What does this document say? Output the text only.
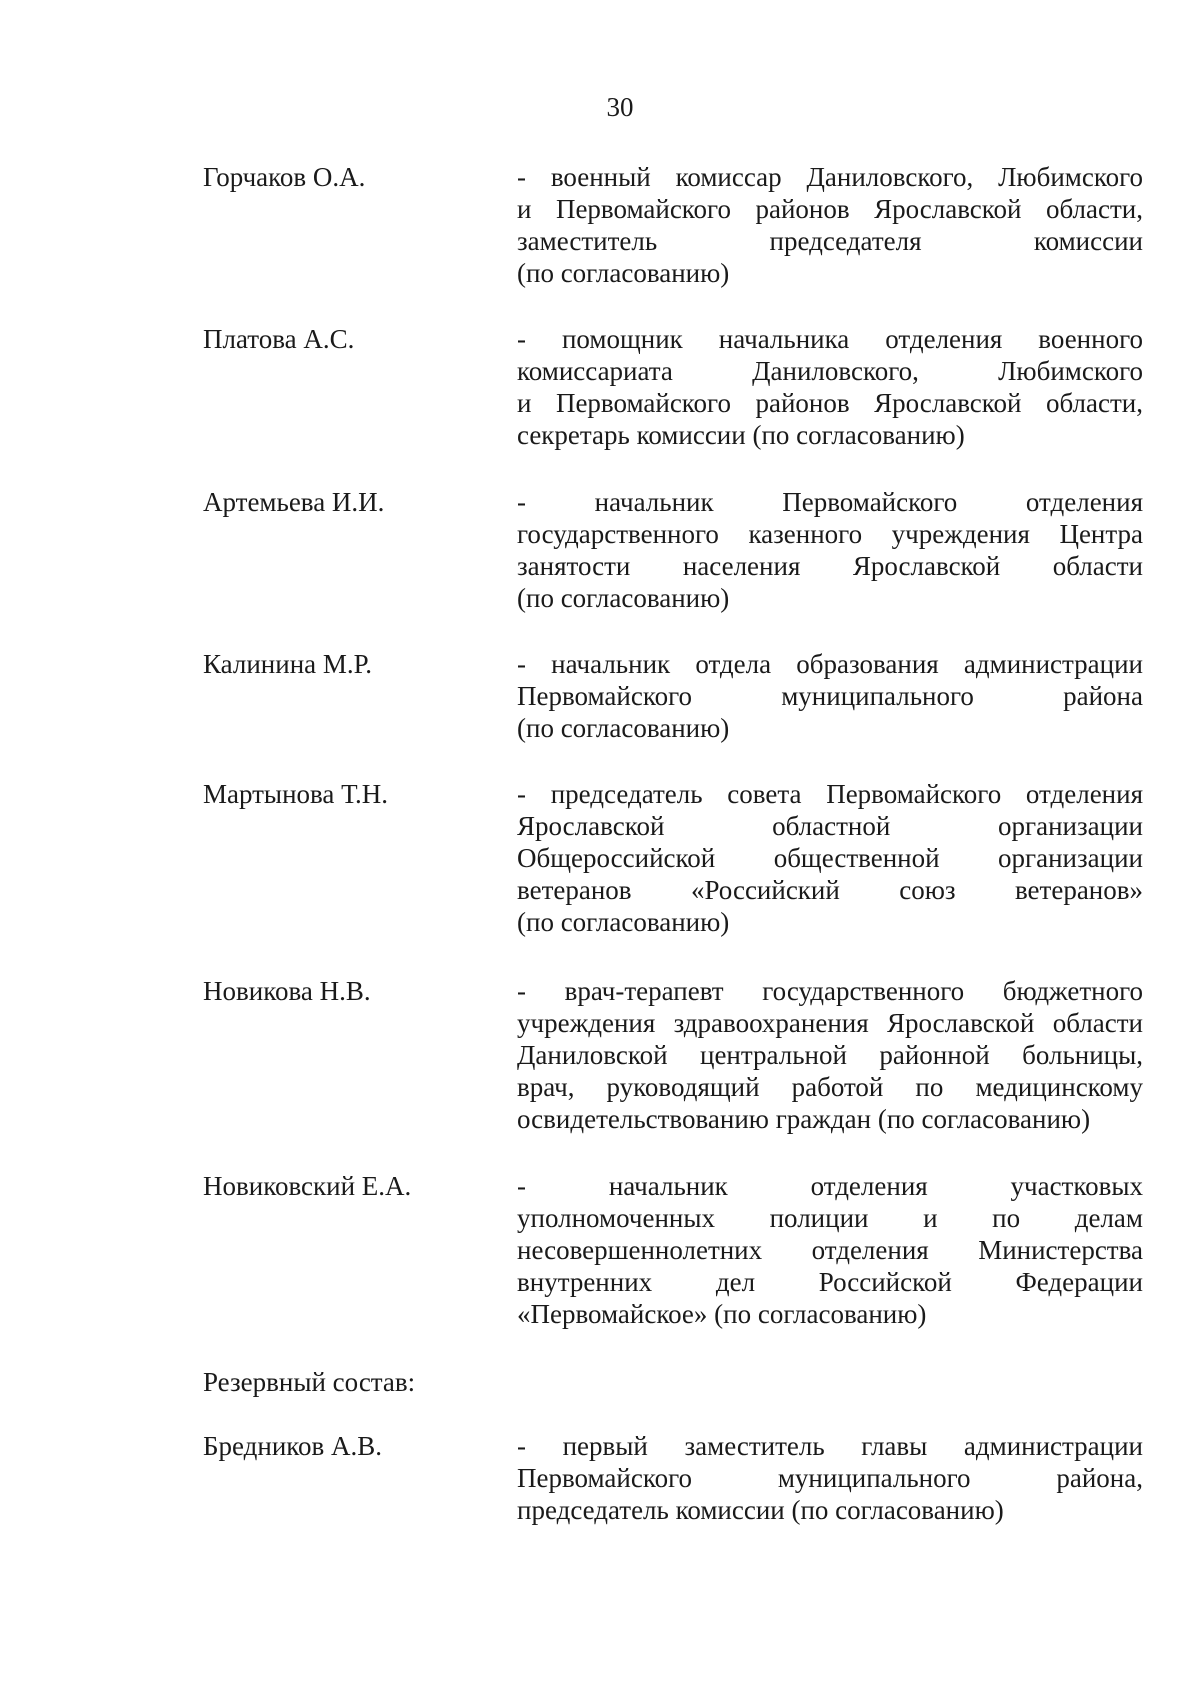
30
Горчаков О.А.	- военный комиссар Даниловского, Любимского
и Первомайского районов Ярославской области,
заместитель председателя комиссии
(по согласованию)
Платова А.С.	- помощник начальника отделения военного
комиссариата Даниловского, Любимского
и Первомайского районов Ярославской области,
секретарь комиссии (по согласованию)
Артемьева И.И.	- начальник Первомайского отделения
государственного казенного учреждения Центра
занятости населения Ярославской области
(по согласованию)
Калинина М.Р.	- начальник отдела образования администрации
Первомайского муниципального района
(по согласованию)
Мартынова Т.Н.	- председатель совета Первомайского отделения
Ярославской областной организации
Общероссийской общественной организации
ветеранов «Российский союз ветеранов»
(по согласованию)
Новикова Н.В.	- врач-терапевт государственного бюджетного
учреждения здравоохранения Ярославской области
Даниловской центральной районной больницы,
врач, руководящий работой по медицинскому
освидетельствованию граждан (по согласованию)
Новиковский Е.А.	- начальник отделения участковых
уполномоченных полиции и по делам
несовершеннолетних отделения Министерства
внутренних дел Российской Федерации
«Первомайское» (по согласованию)
Резервный состав:
Бредников А.В.	- первый заместитель главы администрации
Первомайского муниципального района,
председатель комиссии (по согласованию)
